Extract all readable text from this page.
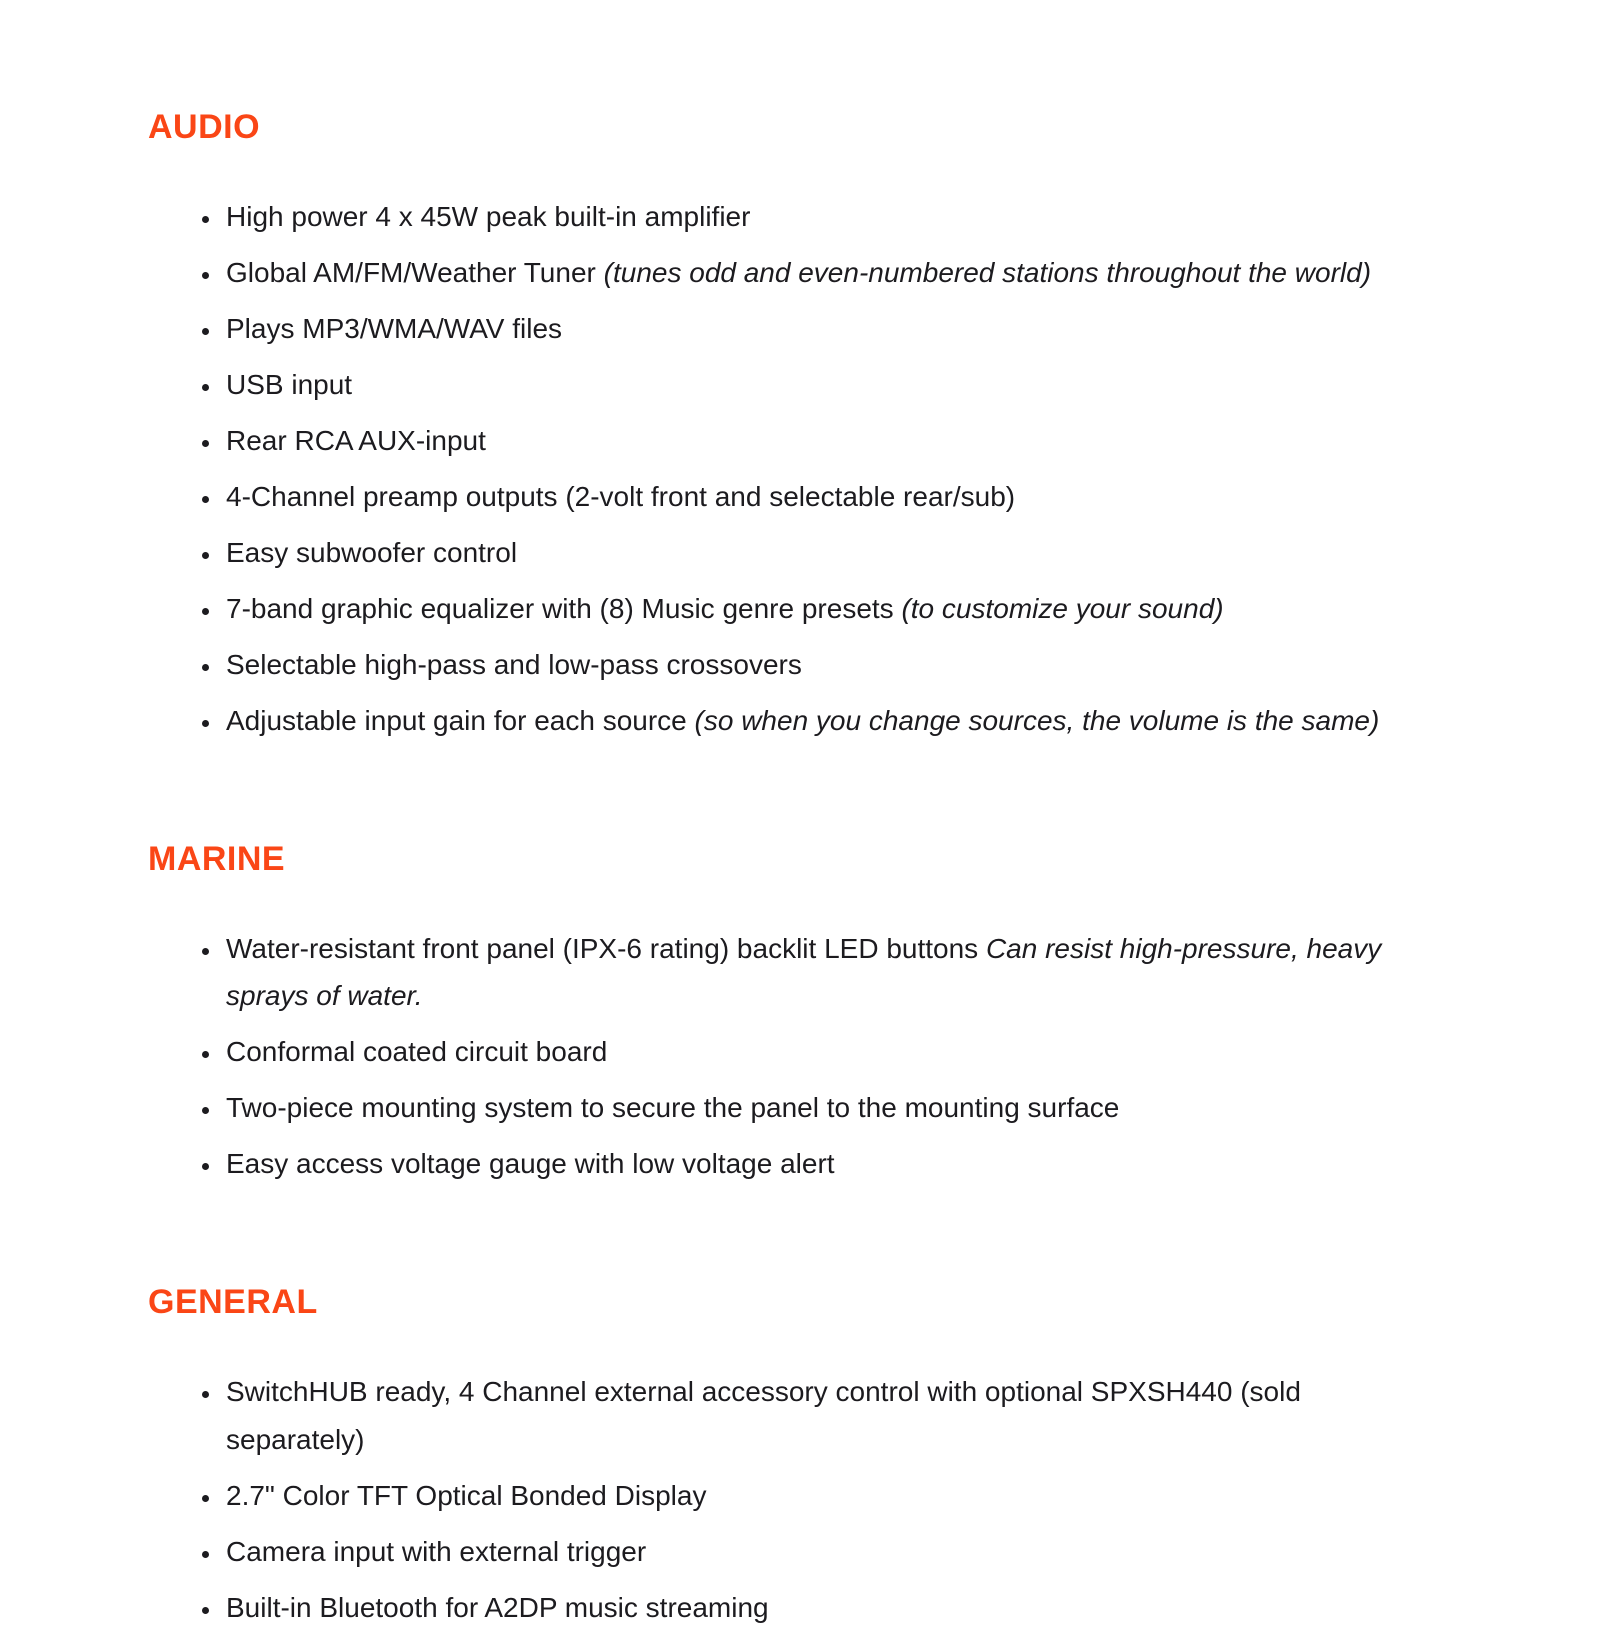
AUDIO
• High power 4 x 45W peak built-in amplifier
• Global AM/FM/Weather Tuner (tunes odd and even-numbered stations throughout the world)
• Plays MP3/WMA/WAV files
• USB input
• Rear RCA AUX-input
• 4-Channel preamp outputs (2-volt front and selectable rear/sub)
• Easy subwoofer control
• 7-band graphic equalizer with (8) Music genre presets (to customize your sound)
• Selectable high-pass and low-pass crossovers
• Adjustable input gain for each source (so when you change sources, the volume is the same)
MARINE
• Water-resistant front panel (IPX-6 rating) backlit LED buttons Can resist high-pressure, heavy sprays of water.
• Conformal coated circuit board
• Two-piece mounting system to secure the panel to the mounting surface
• Easy access voltage gauge with low voltage alert
GENERAL
• SwitchHUB ready, 4 Channel external accessory control with optional SPXSH440 (sold separately)
• 2.7" Color TFT Optical Bonded Display
• Camera input with external trigger
• Built-in Bluetooth for A2DP music streaming
